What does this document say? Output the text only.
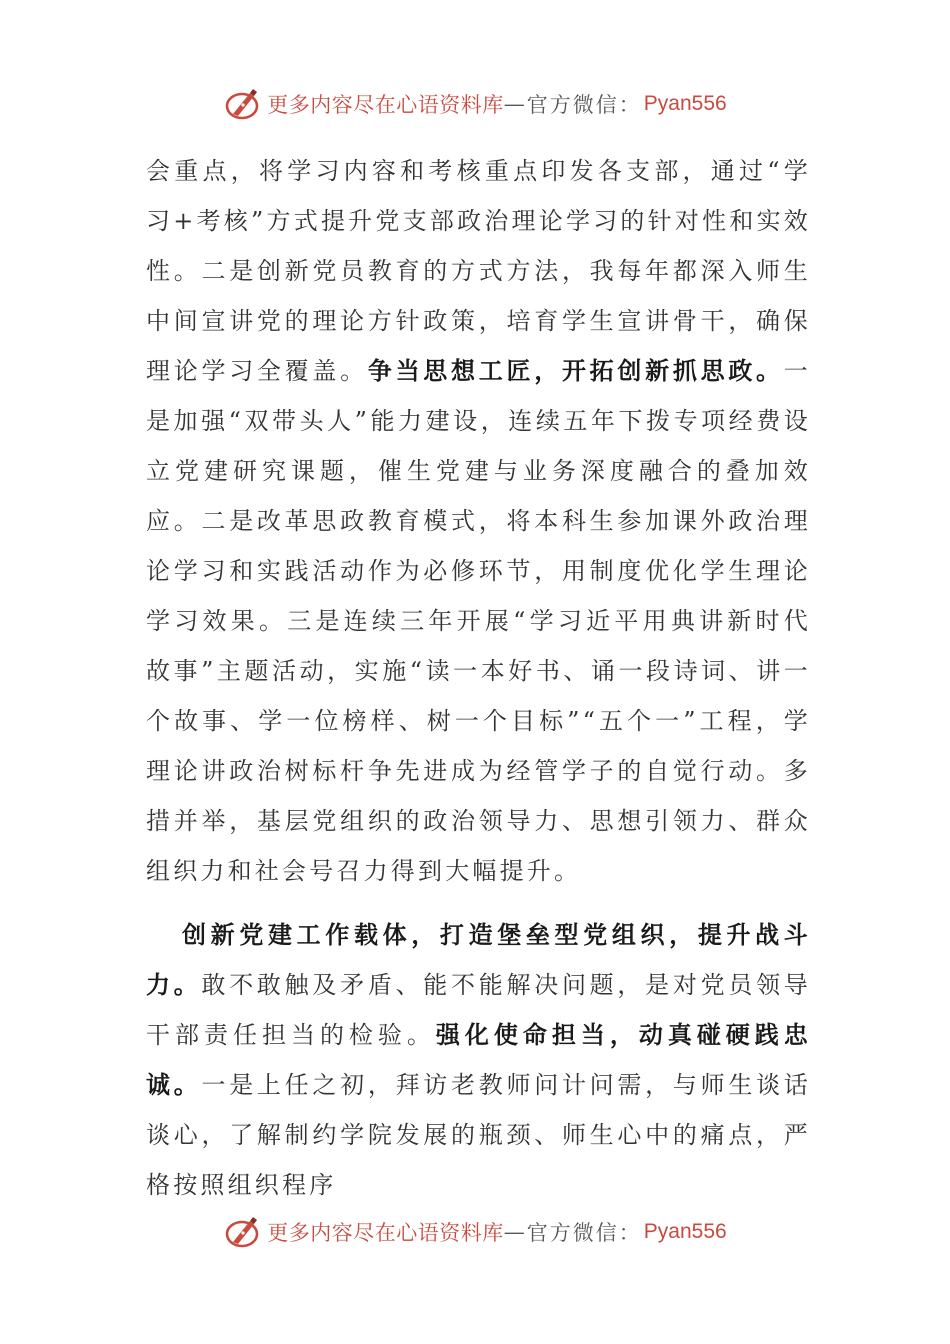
更多内容尽在心语资料库 — 官方微信： Pyan556

会重点，将学习内容和考核重点印发各支部，通过“学习+考核”方式提升党支部政治理论学习的针对性和实效性。二是创新党员教育的方式方法，我每年都深入师生中间宣讲党的理论方针政策，培育学生宣讲骨干，确保理论学习全覆盖。争当思想工匠，开拓创新抓思政。一是加强“双带头人”能力建设，连续五年下拨专项经费设立党建研究课题，催生党建与业务深度融合的叠加效应。二是改革思政教育模式，将本科生参加课外政治理论学习和实践活动作为必修环节，用制度优化学生理论学习效果。三是连续三年开展“学习近平用典讲新时代故事”主题活动，实施“读一本好书、诵一段诗词、讲一个故事、学一位榜样、树一个目标”“五个一”工程，学理论讲政治树标杆争先进成为经管学子的自觉行动。多措并举，基层党组织的政治领导力、思想引领力、群众组织力和社会号召力得到大幅提升。

创新党建工作载体，打造堡垒型党组织，提升战斗力。敢不敢触及矛盾、能不能解决问题，是对党员领导干部责任担当的检验。强化使命担当，动真碰硬践忠诚。一是上任之初，拜访老教师问计问需，与师生谈话谈心，了解制约学院发展的瓶颈、师生心中的痛点，严格按照组织程序

更多内容尽在心语资料库 — 官方微信： Pyan556
